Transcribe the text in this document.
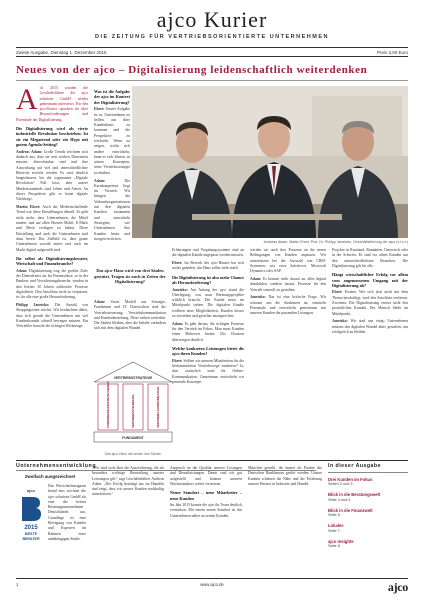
ajco Kurier
DIE ZEITUNG FÜR VERTRIEBSORIENTIERTE UNTERNEHMEN
Zweite Ausgabe, Dienstag 1. Dezember 2015	Preis 3,50 Euro
Neues von der ajco – Digitalisierung leidenschaftlich weiterdenken

Ach 2015 wurden die Geschäftsführer der ajco solutions GmbH wieder gemeinsam interviewt. Für den ajco-Kurier sprachen sie über Herausforderungen und Potenziale der Digitalisierung.

Die Digitalisierung wird als vierte industrielle Revolution beschrieben. Ist sie ein Megatrend oder ein Hype mit gutem Agenda-Setting?

Andreas Adam: Große Trends zeichnen sich dadurch aus, dass sie weit reichen Dimension messen, überschaubar sind und ihre Auswirkung auf viel und unterschiedlichste Bereiche erreicht werden. Es wird deutlich längerdauern, bis die sogenannte „Digitale Revolution“ Fuß fasst, aber unsere Mindeststandards sind Leben und Arbeit. An dieser Perspektive gibt es keine digitale Nachfrage.

Martin Ehret: Auch der Medienschaffende Trend war diese Einstellungen überall. Es geht nicht mehr, dass Unternehmen, die Mittel nutzen, und auf allen Ebenen Mobil, E-Mails und Mesh verfügen zu haben. Diese Einstellung und auch die Unternehmen sind dazu bereit. Das Zielbild ist, dass ganze Unternehmen sowohl intern und auch im Markt digital aufgestellt sind.

Ihr selbst als Digitalisierungsberater, Wirtschaft und Finanzbranche?

Adam: Digitalisierung trug die großen Ziele der Dienstleister an. Im Finanzsektor, so in der Banken- und Versicherungsbranche, wurden in den letzten 10 Jahren zahlreiche Prozesse digitalisiert. Den Anschluss nicht zu verpassen, ist für alle eine große Herausforderung.

Philipp Janetzko: Die Anzahl von Shoppingseiten wächst. Wir beobachten dabei, dass sich gerade die Unternehmen mit viel Kundenkontakt schnell bewegen müssen. Ein Vertriebler braucht die richtigen Werkzeuge.

Andreas Adam, Martin Ehret, Prof. Dr. Philipp Janetzko, Geschäftsführung der ajco (v.l.n.r.)
Was ist die Aufgabe der ajco im Kontext der Digitalisierung?

Ehret: Unsere Aufgabe ist es, Unternehmen zu helfen, aus ihrer Kundenbasis zu kommen und die Perspektive zu wechseln. Wenn zu zeigen, wofür sich andere entwickeln, kann es sich lohnen, in seinen Konzepten, seine Vertriebsstrategie zu denken.

Adam:	Die Kernkompetenz liegt im Vertrieb. Wir bringen die Verkaufsorganisationen mit den digitalen Kanälen zusammen und entwickeln Strategien, wie Unternehmen ihre Kunden heute und morgen erreichen.

Das ajco-Haus wird von drei Säulen gestützt. Tragen sie auch in Zeiten der Digitalisierung?

Adam: Unser Modell aus Strategie, Fundament und IT. Dazwischen sind die Vertriebssteuerung, Vertriebskommunikation und Kundenbeziehung. Diese stehen weiterhin. Die Säulen bleiben, aber die Inhalte verändern sich mit dem digitalen Wandel.

VERTRIEBSSTRATEGIE
KUNDENBEZIEHUNGSMANAGEMENT	VERTRIEBSSTEUERUNG	VERTRIEBS-KOMMUNIKATION
FUNDAMENT
Das ajco-Haus mit seinen drei Säulen

Erfahrungen und Vergütungssysteme sind an die digitalen Kanäle angepasst werden müssen.

Ehret: Im Bereich des ajco-Hauses hat sich nichts geändert, das Haus selbst steht stabil.

Die Digitalisierung ist also mehr Chance als Herausforderung?

Janetzko: Am Anfang der ajco stand die Überlegung, was man Beratungsprojekte wirklich braucht. Der Kunde muss im Mittelpunkt stehen. Die digitalen Kanäle eröffnen neue Möglichkeiten, Kunden besser zu verstehen und gezielter anzusprechen.

Adam: Es geht darum, die richtigen Prozesse für den Vertrieb im Fokus. Man muss Kunden einen Mehrwert bieten. Die Chancen überwiegen deutlich.

Welche konkreten Leistungen bietet die ajco ihren Kunden?

Ehret: Sollten wir unseren Mitarbeitern für die herkömmlichen Vertriebswege trainieren? Ja, aber zusätzlich auch für Online-Kommunikation. Gemeinsam entwickeln wir passende Konzepte.

werden wir auch ihre Prozesse an die neuen Bedingungen von Kunden anpassen. Wir unterstützen bei der Auswahl von CRM-Systemen, wie etwa Salesforce, Microsoft Dynamics oder SAP.

Adam: Es kommt nicht darauf an, alles digital abzubilden, sondern darauf, Prozesse für den Vertrieb sinnvoll zu gestalten.

Janetzko: Das ist eine kritische Frage. Wir schauen uns die Strukturen an, ermitteln Potenziale und entwickeln gemeinsam mit unseren Kunden die passenden Lösungen.

Projekte in Russland, Rumänien, Österreich oder in der Schweiz. Es sind vor allem Kunden aus den unterschiedlichsten Branchen. Die Digitalisierung gilt für alle.

Hängt wirtschaftlicher Erfolg vor allem vom angemessenen Umgang mit der Digitalisierung ab?

Ehret: Erstens: Wer sich jetzt nicht mit dem Thema beschäftigt, wird den Anschluss verlieren. Zweitens: Die Digitalisierung ersetzt nicht den persönlichen Kontakt. Der Mensch bleibt im Mittelpunkt.

Janetzko: Wir sind uns einig: Unternehmen müssen den digitalen Wandel aktiv gestalten, um erfolgreich zu bleiben.

Unternehmensentwicklung
Zweifach ausgezeichnet
ajco
2015
BESTE
BERATER

Das Wirtschaftsmagazin brand eins zeichnet die ajco solutions GmbH als eine der besten Beratungsunternehmen Deutschlands aus. Grundlage ist eine Befragung von Kunden und Experten im Rahmen einer unabhängigen Studie.

„Wir sind stolz über die Auszeichnung, die als besonders wichtige Beurteilung unserer Leistungen gilt“, sagt Geschäftsführer Andreas Adam. „Der Erfolg bestätigt uns im Handeln und zeigt, dass wir unsere Kunden nachhaltig unterstützen.“

Anspruch an die Qualität unserer Lösungen und Dienstleistungen. Damit sind wir gut aufgestellt und können unseren Wachstumskurs weiter fortsetzen.

Neuer Standort – neue Mitarbeiter – neue Kunden

Im Jahr 2015 konnte die ajco ihr Team deutlich verstärken. Mit einem neuen Standort ist das Unternehmen näher an seinen Kunden.

München gestellt, die immer als Partner des Deutschen Bankhauses geehrt werden. Unsere Kunden schätzen die Nähe und die Erfahrung unserer Berater in Industrie und Handel.

In dieser Ausgabe
Drei Kunden im Fokus
Seiten 2 und 3
Blick in die Beratungswelt
Seite 4 und 5
Blick in die Finanzwelt
Seite 6
Lokales
Seite 7
ajco Insights
Seite 8
1	www.ajco.de	ajco
